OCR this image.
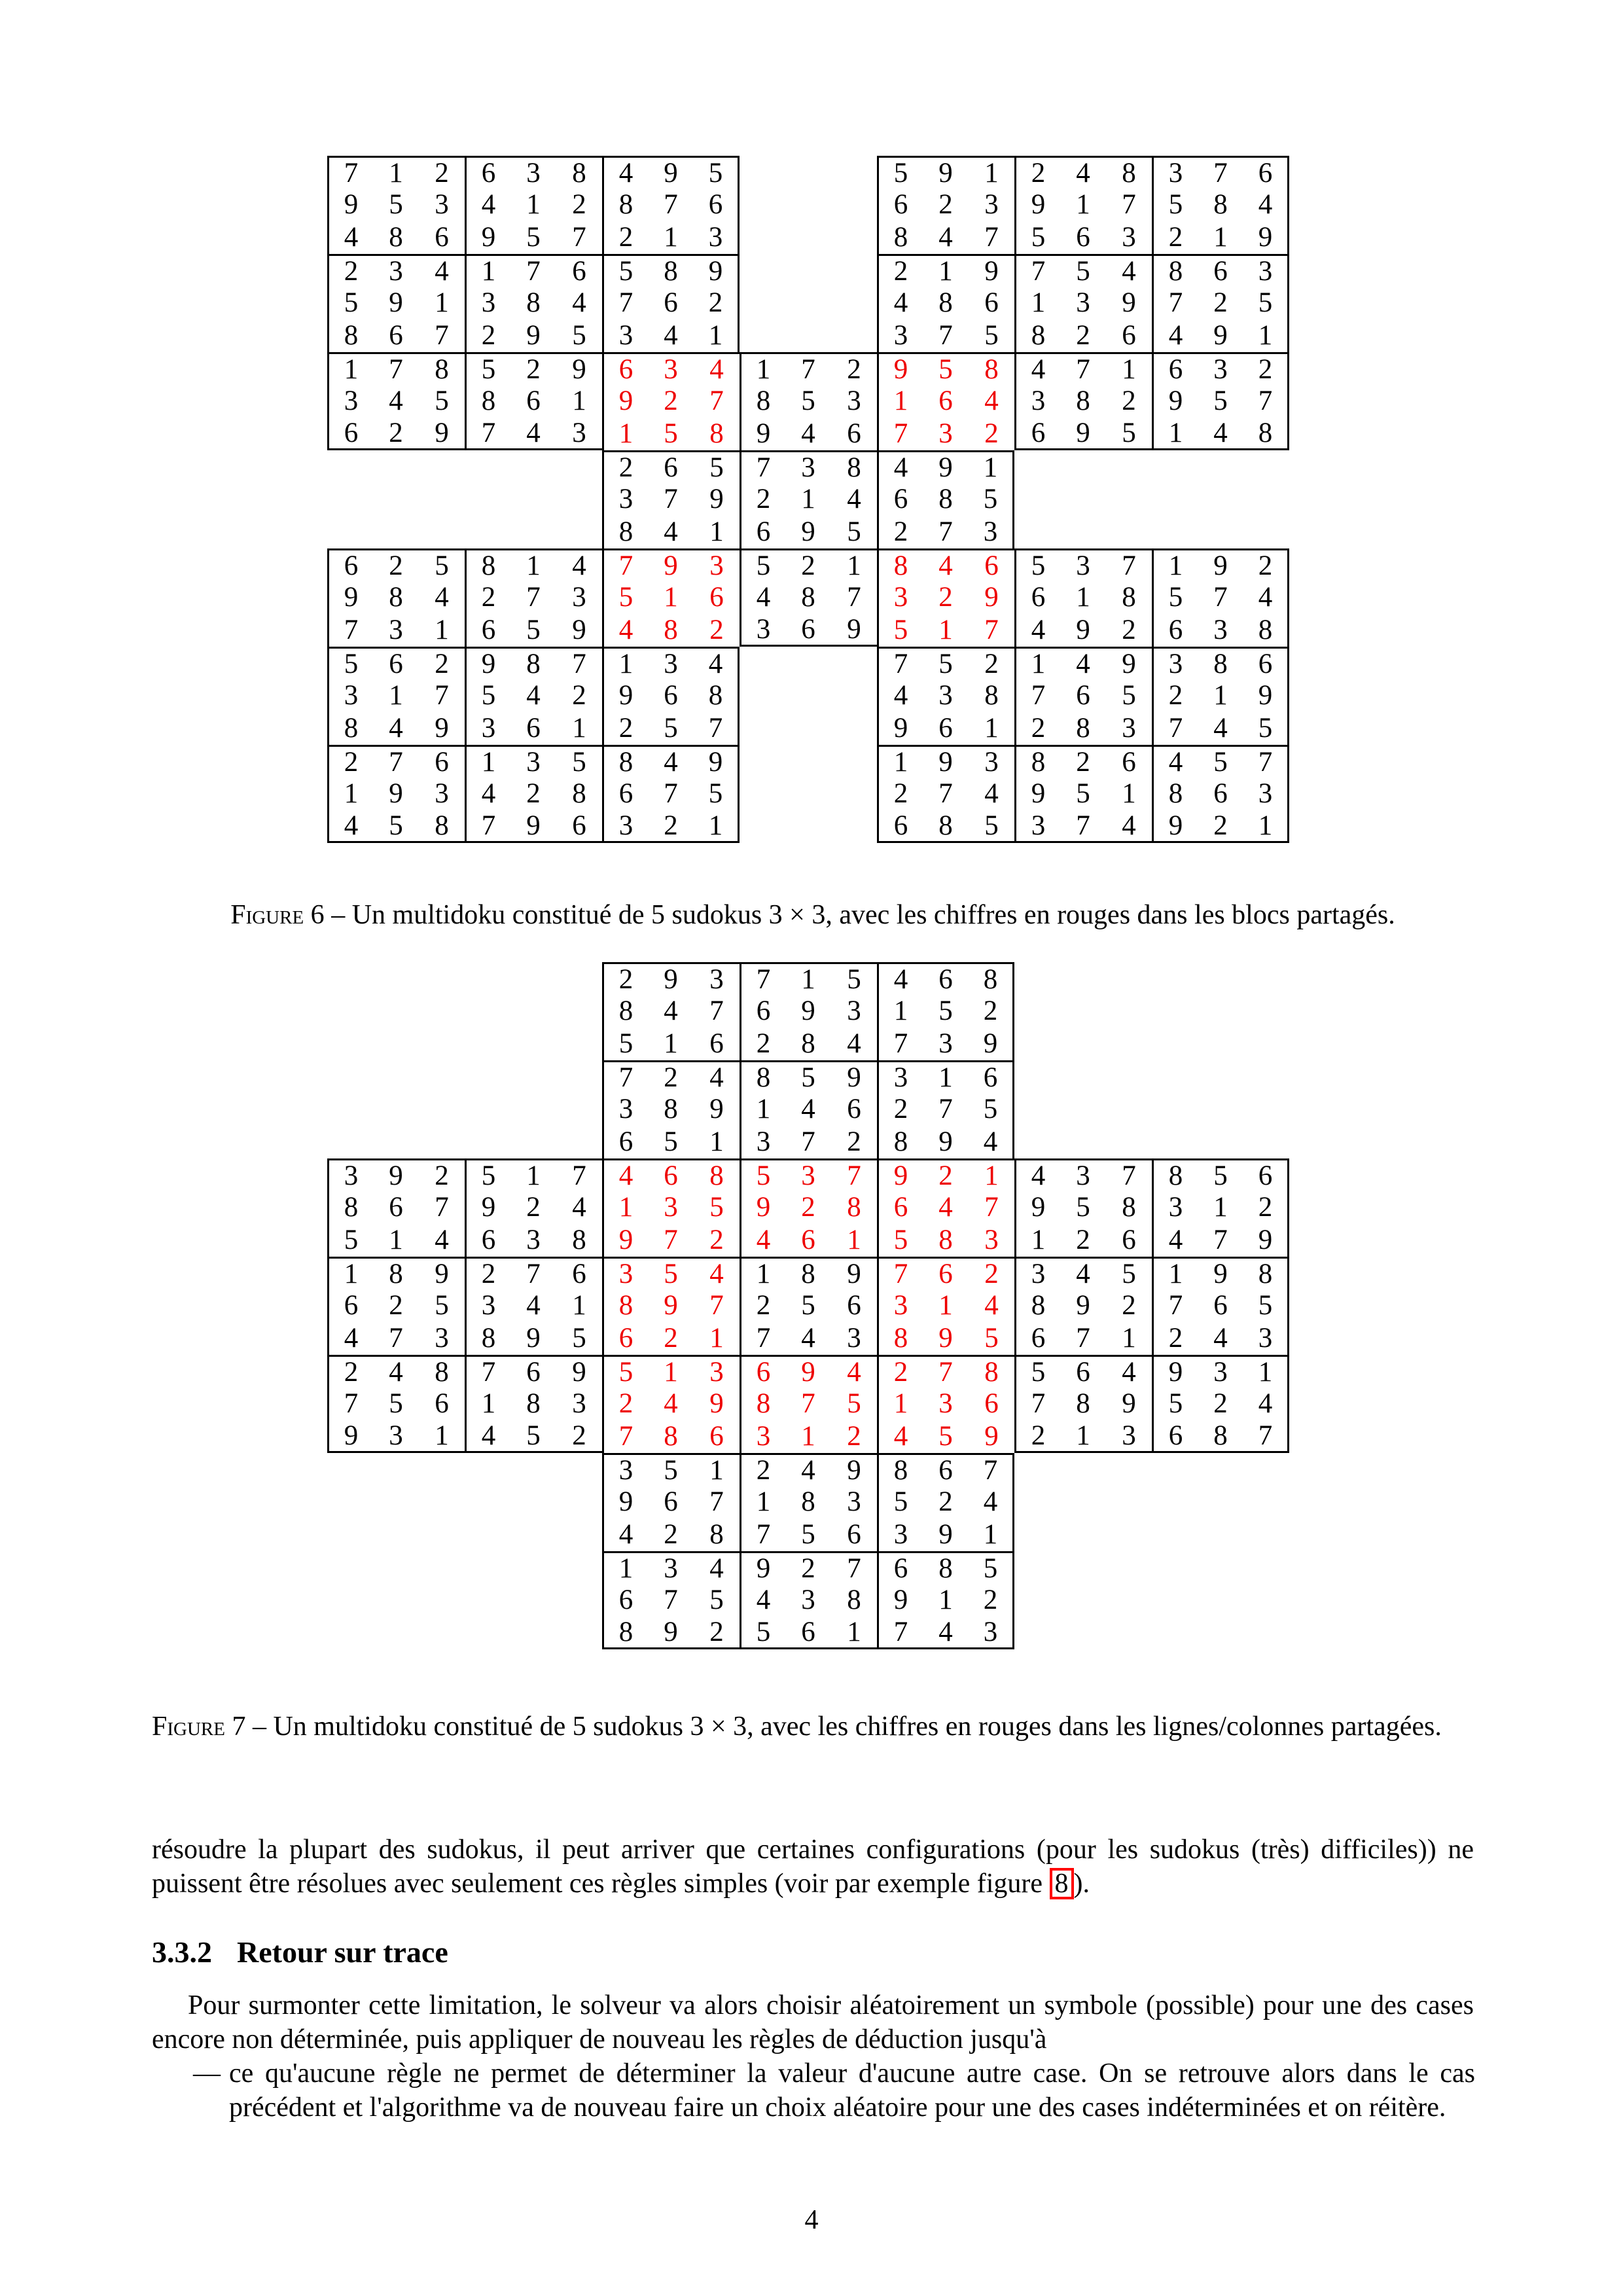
7	1	2	6	3	8	4	9	5	5	9	1	2	4	8	3	7	6
9	5	3	4	1	2	8	7	6	6	2	3	9	1	7	5	8	4
4	8	6	9	5	7	2	1	3	8	4	7	5	6	3	2	1	9
2	3	4	1	7	6	5	8	9	2	1	9	7	5	4	8	6	3
5	9	1	3	8	4	7	6	2	4	8	6	1	3	9	7	2	5
8	6	7	2	9	5	3	4	1	3	7	5	8	2	6	4	9	1
1	7	8	5	2	9	6	3	4	1	7	2	9	5	8	4	7	1	6	3	2
3	4	5	8	6	1	9	2	7	8	5	3	1	6	4	3	8	2	9	5	7
6	2	9	7	4	3	1	5	8	9	4	6	7	3	2	6	9	5	1	4	8
2	6	5	7	3	8	4	9	1
3	7	9	2	1	4	6	8	5
8	4	1	6	9	5	2	7	3
6	2	5	8	1	4	7	9	3	5	2	1	8	4	6	5	3	7	1	9	2
9	8	4	2	7	3	5	1	6	4	8	7	3	2	9	6	1	8	5	7	4
7	3	1	6	5	9	4	8	2	3	6	9	5	1	7	4	9	2	6	3	8
5	6	2	9	8	7	1	3	4	7	5	2	1	4	9	3	8	6
3	1	7	5	4	2	9	6	8	4	3	8	7	6	5	2	1	9
8	4	9	3	6	1	2	5	7	9	6	1	2	8	3	7	4	5
2	7	6	1	3	5	8	4	9	1	9	3	8	2	6	4	5	7
1	9	3	4	2	8	6	7	5	2	7	4	9	5	1	8	6	3
4	5	8	7	9	6	3	2	1	6	8	5	3	7	4	9	2	1

Figure 6 – Un multidoku constitué de 5 sudokus 3 × 3, avec les chiffres en rouges dans les blocs partagés.

2	9	3	7	1	5	4	6	8
8	4	7	6	9	3	1	5	2
5	1	6	2	8	4	7	3	9
7	2	4	8	5	9	3	1	6
3	8	9	1	4	6	2	7	5
6	5	1	3	7	2	8	9	4
3	9	2	5	1	7	4	6	8	5	3	7	9	2	1	4	3	7	8	5	6
8	6	7	9	2	4	1	3	5	9	2	8	6	4	7	9	5	8	3	1	2
5	1	4	6	3	8	9	7	2	4	6	1	5	8	3	1	2	6	4	7	9
1	8	9	2	7	6	3	5	4	1	8	9	7	6	2	3	4	5	1	9	8
6	2	5	3	4	1	8	9	7	2	5	6	3	1	4	8	9	2	7	6	5
4	7	3	8	9	5	6	2	1	7	4	3	8	9	5	6	7	1	2	4	3
2	4	8	7	6	9	5	1	3	6	9	4	2	7	8	5	6	4	9	3	1
7	5	6	1	8	3	2	4	9	8	7	5	1	3	6	7	8	9	5	2	4
9	3	1	4	5	2	7	8	6	3	1	2	4	5	9	2	1	3	6	8	7
3	5	1	2	4	9	8	6	7
9	6	7	1	8	3	5	2	4
4	2	8	7	5	6	3	9	1
1	3	4	9	2	7	6	8	5
6	7	5	4	3	8	9	1	2
8	9	2	5	6	1	7	4	3

Figure 7 – Un multidoku constitué de 5 sudokus 3 × 3, avec les chiffres en rouges dans les lignes/colonnes partagées.

résoudre la plupart des sudokus, il peut arriver que certaines configurations (pour les sudokus (très) difficiles)) ne puissent être résolues avec seulement ces règles simples (voir par exemple figure 8 ).

3.3.2 Retour sur trace

Pour surmonter cette limitation, le solveur va alors choisir aléatoirement un symbole (possible) pour une des cases encore non déterminée, puis appliquer de nouveau les règles de déduction jusqu'à

— ce qu'aucune règle ne permet de déterminer la valeur d'aucune autre case. On se retrouve alors dans le cas précédent et l'algorithme va de nouveau faire un choix aléatoire pour une des cases indéterminées et on réitère.
4
